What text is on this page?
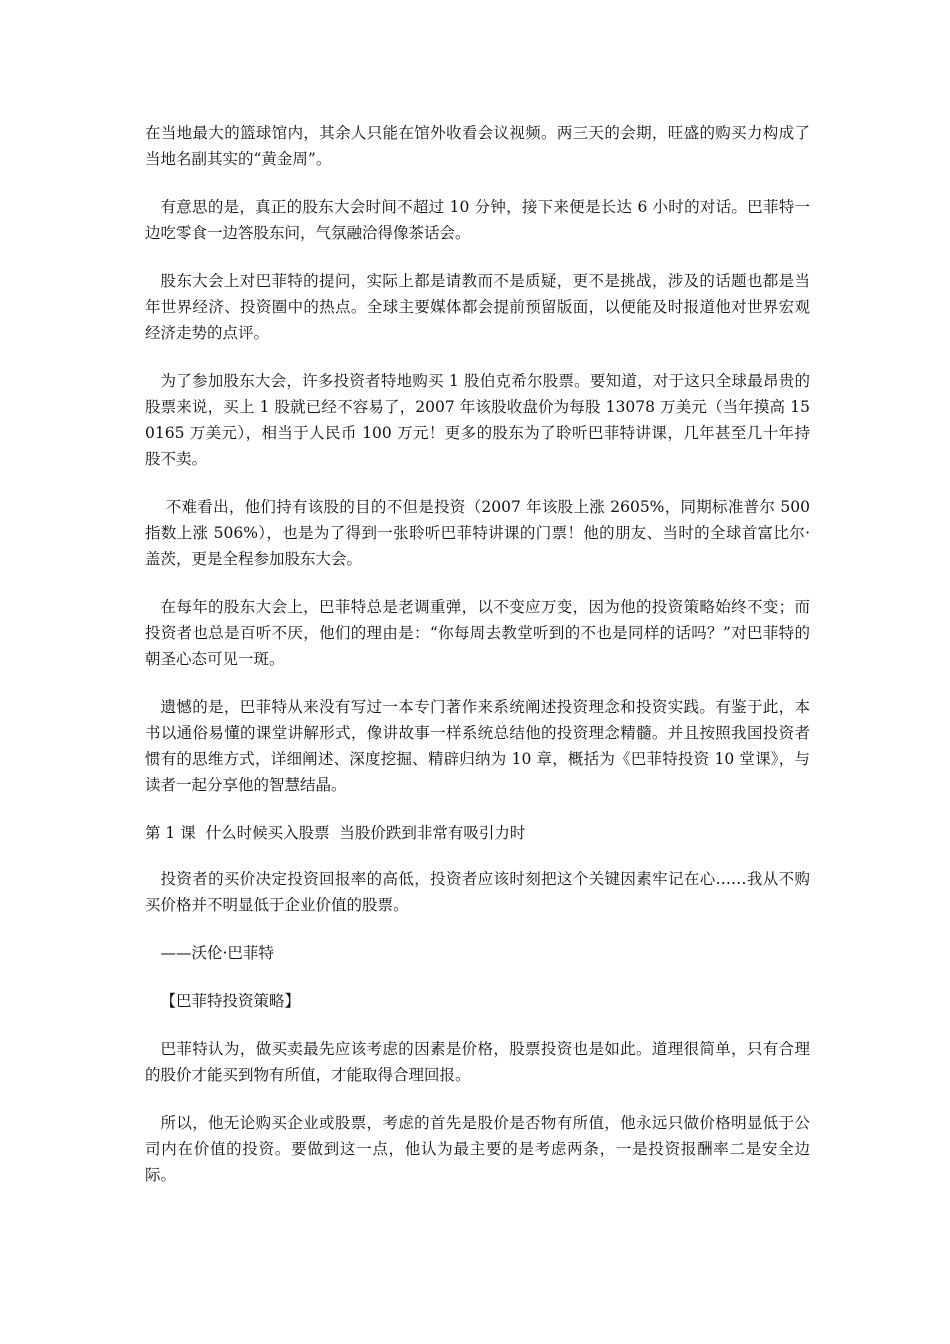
在当地最大的篮球馆内，其余人只能在馆外收看会议视频。两三天的会期，旺盛的购买力构成了当地名副其实的“黄金周”。

有意思的是，真正的股东大会时间不超过 10 分钟，接下来便是长达 6 小时的对话。巴菲特一边吃零食一边答股东问，气氛融洽得像茶话会。

股东大会上对巴菲特的提问，实际上都是请教而不是质疑，更不是挑战，涉及的话题也都是当年世界经济、投资圈中的热点。全球主要媒体都会提前预留版面，以便能及时报道他对世界宏观经济走势的点评。

为了参加股东大会，许多投资者特地购买 1 股伯克希尔股票。要知道，对于这只全球最昂贵的股票来说，买上 1 股就已经不容易了，2007 年该股收盘价为每股 13078 万美元（当年摸高 150165 万美元），相当于人民币 100 万元！更多的股东为了聆听巴菲特讲课，几年甚至几十年持股不卖。

不难看出，他们持有该股的目的不但是投资（2007 年该股上涨 2605%，同期标准普尔 500 指数上涨 506%），也是为了得到一张聆听巴菲特讲课的门票！他的朋友、当时的全球首富比尔·盖茨，更是全程参加股东大会。

在每年的股东大会上，巴菲特总是老调重弹，以不变应万变，因为他的投资策略始终不变；而投资者也总是百听不厌，他们的理由是：“你每周去教堂听到的不也是同样的话吗？”对巴菲特的朝圣心态可见一斑。

遗憾的是，巴菲特从来没有写过一本专门著作来系统阐述投资理念和投资实践。有鉴于此，本书以通俗易懂的课堂讲解形式，像讲故事一样系统总结他的投资理念精髓。并且按照我国投资者惯有的思维方式，详细阐述、深度挖掘、精辟归纳为 10 章，概括为《巴菲特投资 10 堂课》，与读者一起分享他的智慧结晶。

第 1 课  什么时候买入股票  当股价跌到非常有吸引力时

投资者的买价决定投资回报率的高低，投资者应该时刻把这个关键因素牢记在心……我从不购买价格并不明显低于企业价值的股票。

——沃伦·巴菲特

【巴菲特投资策略】

巴菲特认为，做买卖最先应该考虑的因素是价格，股票投资也是如此。道理很简单，只有合理的股价才能买到物有所值，才能取得合理回报。

所以，他无论购买企业或股票，考虑的首先是股价是否物有所值，他永远只做价格明显低于公司内在价值的投资。要做到这一点，他认为最主要的是考虑两条，一是投资报酬率二是安全边际。
